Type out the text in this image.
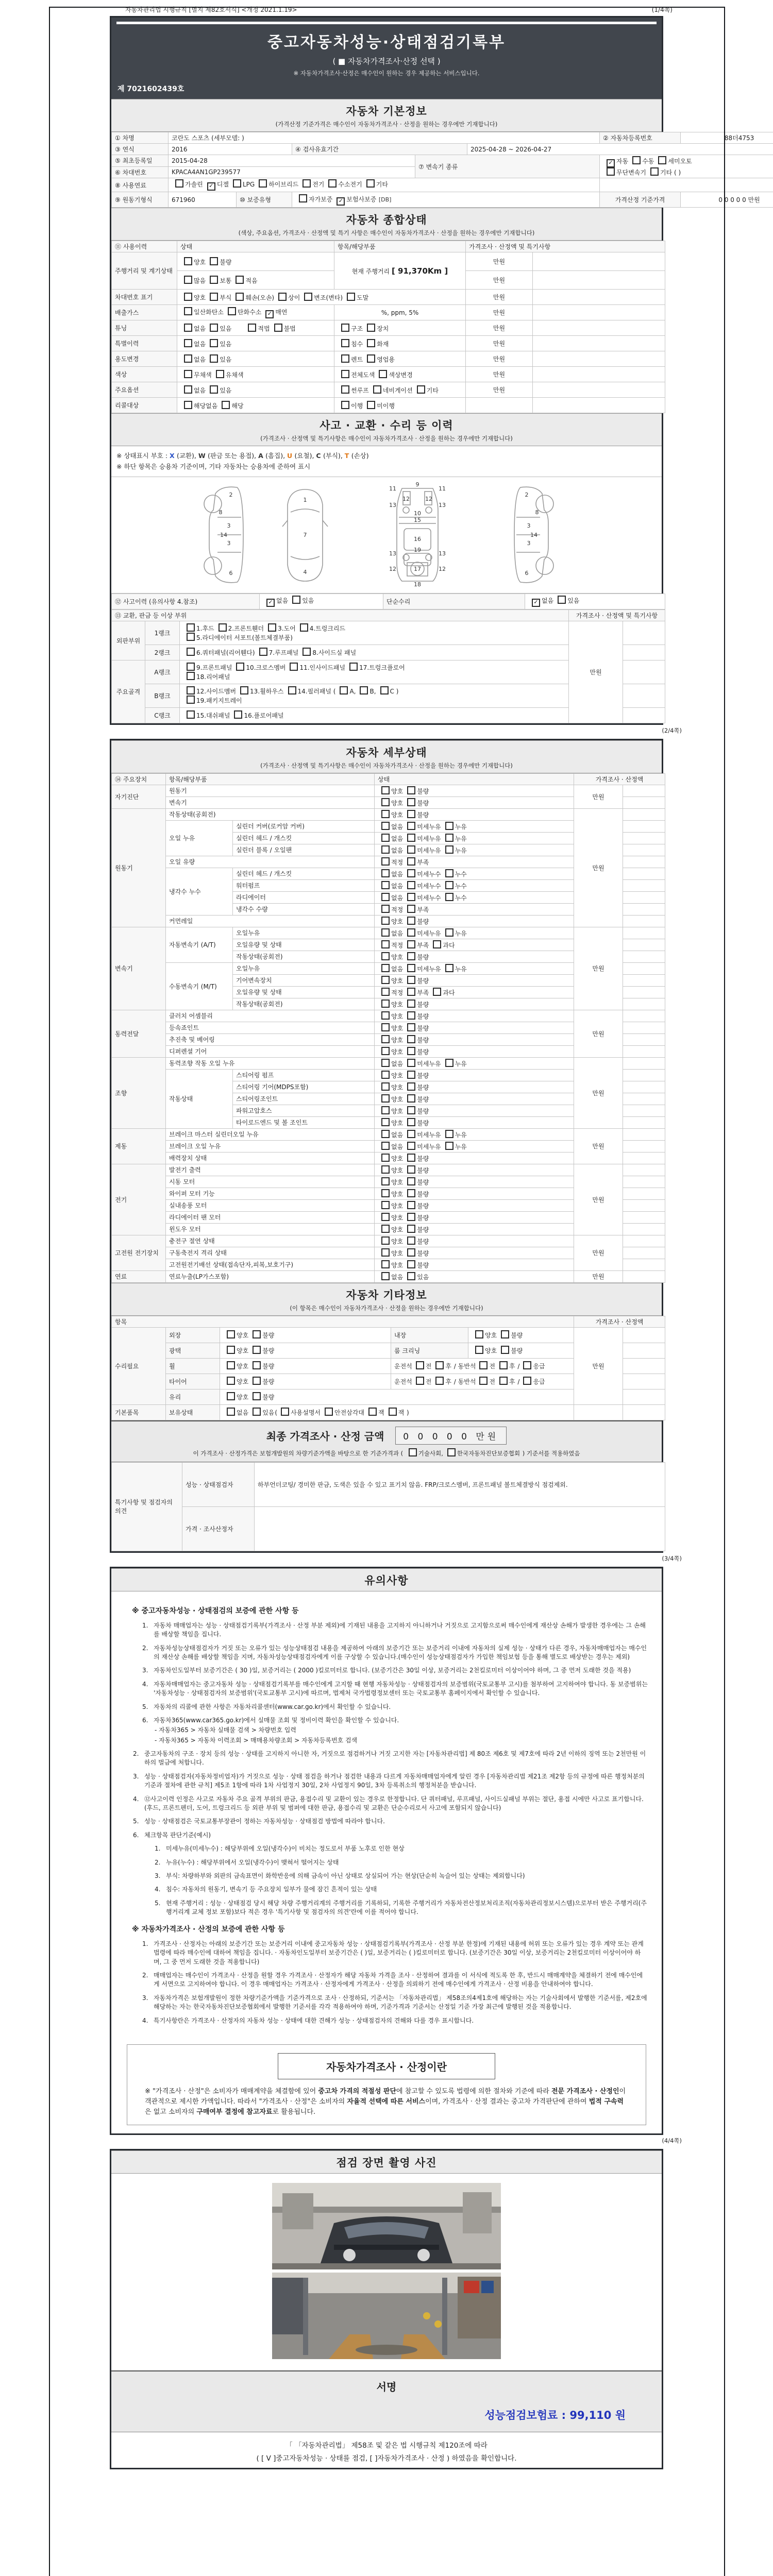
자동차관리법 시행규칙 [별지 제82호서식] <개정 2021.1.19>	(1/4쪽)
중고자동차성능·상태점검기록부
( ■ 자동차가격조사·산정 선택 )
※ 자동차가격조사·산정은 매수인이 원하는 경우 제공하는 서비스입니다.
제 7021602439호
자동차 기본정보
(가격산정 기준가격은 매수인이 자동차가격조사 · 산정을 원하는 경우에만 기재합니다)
① 차명	코란도 스포츠 (세부모델: )					② 자동차등록번호	88더4753
③ 연식	2016		④ 검사유효기간		2025-04-28 ~ 2026-04-27		
⑤ 최초등록일	2015-04-28			⑦ 변속기 종류		✓ 자동 수동 세미오토
무단변속기 기타 ( )	
⑥ 차대번호	KPACA4AN1GP239577						
⑧ 사용연료	가솔린 ✓ 디젤 LPG 하이브리드 전기 수소전기 기타						
⑨ 원동기형식	671960	⑩ 보증유형	자가보증 ✓ 보험사보증 [DB]			가격산정 기준가격	0 0 0 0 0 만원
자동차 종합상태
(색상, 주요옵션, 가격조사 · 산정액 및 특기 사항은 매수인이 자동차가격조사 · 산정을 원하는 경우에만 기재합니다)
⑪ 사용이력	상태	항목/해당부품	가격조사 · 산정액 및 특기사항	
주행거리 및 계기상태	양호 불량	현재 주행거리 [ 91,370Km ]	만원	
	많음 보통 적음		만원	
차대번호 표기	양호 부식 훼손(오손) 상이 변조(변타) 도말		만원	
배출가스	일산화탄소 탄화수소 ✓ 매연	%, ppm, 5%	만원	
튜닝	없음 있음   적법 불법	구조 장치	만원	
특별이력	없음 있음	침수 화재	만원	
용도변경	없음 있음	렌트 영업용	만원	
색상	무채색 유채색	전체도색 색상변경	만원	
주요옵션	없음 있음	썬루프 네비게이션 기타	만원	
리콜대상	해당없음 해당	이행 미이행		
사고 · 교환 · 수리 등 이력
(가격조사 · 산정액 및 특기사항은 매수인이 자동차가격조사 · 산정을 원하는 경우에만 기재합니다)
※ 상태표시 부호 : X (교환), W (판금 또는 용접), A (흠집), U (요철), C (부식), T (손상)
※ 하단 항목은 승용차 기준이며, 기타 자동차는 승용차에 준하여 표시
2
8
3
14
3
6
1
7
4
11	11
13
12	12
13
10
15
16
19
13	13
12	17	12
18
9
2
3
8
14
3
6
⑫ 사고이력 (유의사항 4.참조)	✓ 없음 있음	단순수리	✓ 없음 있음
⑬ 교환, 판금 등 이상 부위			가격조사 · 산정액 및 특기사항	
외판부위	1랭크	1.후드 2.프론트휀더 3.도어 4.트렁크리드
5.라디에이터 서포트(볼트체결부품)	만원	
	2랭크	6.쿼터패널(리어휀다) 7.루프패널 8.사이드실 패널		
주요골격	A랭크	9.프론트패널 10.크로스멤버 11.인사이드패널 17.트렁크플로어
18.리어패널		
	B랭크	12.사이드멤버 13.휠하우스 14.필러패널 ( A, B, C )
19.패키지트레이		
	C랭크	15.대쉬패널 16.플로어패널		
(2/4쪽)
자동차 세부상태
(가격조사 · 산정액 및 특기사항은 매수인이 자동차가격조사 · 산정을 원하는 경우에만 기재합니다)
⑭ 주요장치	항목/해당부품		상태	가격조사 · 산정액	
자기진단	원동기		양호 불량	만원	
	변속기		양호 불량		
원동기	작동상태(공회전)		양호 불량	만원	
	오일 누유	실린더 커버(로커암 커버)	없음 미세누유 누유		
		실린더 헤드 / 개스킷	없음 미세누유 누유		
		실린더 블록 / 오일팬	없음 미세누유 누유		
	오일 유량		적정 부족		
	냉각수 누수	실린더 헤드 / 개스킷	없음 미세누수 누수		
		워터펌프	없음 미세누수 누수		
		라디에이터	없음 미세누수 누수		
		냉각수 수량	적정 부족		
	커먼레일		양호 불량		
변속기	자동변속기 (A/T)	오일누유	없음 미세누유 누유	만원	
		오일유량 및 상태	적정 부족 과다		
		작동상태(공회전)	양호 불량		
	수동변속기 (M/T)	오일누유	없음 미세누유 누유		
		기어변속장치	양호 불량		
		오일유량 및 상태	적정 부족 과다		
		작동상태(공회전)	양호 불량		
동력전달	클러치 어셈블리		양호 불량	만원	
	등속죠인트		양호 불량		
	추진축 및 베어링		양호 불량		
	디퍼렌셜 기어		양호 불량		
조향	동력조향 작동 오일 누유		없음 미세누유 누유	만원	
	작동상태	스티어링 펌프	양호 불량		
		스티어링 기어(MDPS포함)	양호 불량		
		스티어링조인트	양호 불량		
		파워고압호스	양호 불량		
		타이로드엔드 및 볼 조인트	양호 불량		
제동	브레이크 마스터 실린더오일 누유		없음 미세누유 누유	만원	
	브레이크 오일 누유		없음 미세누유 누유		
	배력장치 상태		양호 불량		
전기	발전기 출력		양호 불량	만원	
	시동 모터		양호 불량		
	와이퍼 모터 기능		양호 불량		
	실내송풍 모터		양호 불량		
	라디에이터 팬 모터		양호 불량		
	윈도우 모터		양호 불량		
고전원 전기장치	충전구 절연 상태		양호 불량	만원	
	구동축전지 격리 상태		양호 불량		
	고전원전기배선 상태(접속단자,피복,보호기구)		양호 불량		
연료	연료누출(LP가스포함)		없음 있음	만원	
자동차 기타정보
(이 항목은 매수인이 자동차가격조사 · 산정을 원하는 경우에만 기재합니다)
항목					가격조사 · 산정액	
수리필요	외장	양호 불량	내장	양호 불량	만원	
	광택	양호 불량	룸 크리닝	양호 불량		
	휠	양호 불량	운전석 전 후 / 동반석 전 후 / 응급			
	타이어	양호 불량	운전석 전 후 / 동반석 전 후 / 응급			
	유리	양호 불량				
기본품목	보유상태	없음 있음( 사용설명서 안전삼각대 잭 잭 )				
최종 가격조사 · 산정 금액 0 0 0 0 0 만원
이 가격조사 · 산정가격은 보험개발원의 차량기준가액을 바탕으로 한 기준가격과 ( 기술사회, 한국자동차진단보증협회 ) 기준서를 적용하였음
특기사항 및 점검자의 의견	성능 · 상태점검자	하부언더코팅/ 경미한 판금, 도색은 있을 수 있고 표기치 않음. FRP/크로스멤버, 프론트패널 볼트체결방식 점검제외.
	가격 · 조사산정자	
(3/4쪽)
유의사항
※ 중고자동차성능 · 상태점검의 보증에 관한 사항 등
1. 자동차 매매업자는 성능 · 상태점검기록부(가격조사 · 산정 부분 제외)에 기재된 내용을 고지하지 아니하거나 거짓으로 고지함으로써 매수인에게 재산상 손해가 발생한 경우에는 그 손해를 배상할 책임을 집니다.
2. 자동차성능상태점검자가 거짓 또는 오류가 있는 성능상태점검 내용을 제공하여 아래의 보증기간 또는 보증거리 이내에 자동차의 실제 성능 · 상태가 다른 경우, 자동차매매업자는 매수인의 재산상 손해를 배상할 책임을 지며, 자동차성능상태점검자에게 이를 구상할 수 있습니다.(매수인이 성능상태점검자가 가입한 책임보험 등을 통해 별도로 배상받는 경우는 제외)
3. 자동차인도일부터 보증기간은 ( 30 )일, 보증거리는 ( 2000 )킬로미터로 합니다. (보증기간은 30일 이상, 보증거리는 2천킬로미터 이상이어야 하며, 그 중 먼저 도래한 것을 적용)
4. 자동차매매업자는 중고자동차 성능 · 상태점검기록부를 매수인에게 고지할 때 현행 자동차성능 · 상태점검자의 보증범위(국토교통부 고시)를 첨부하여 고지하여야 합니다. 동 보증범위는 '자동차성능 · 상태점검자의 보증범위'(국토교통부 고시)에 따르며, 법제처 국가법령정보센터 또는 국토교통부 홈페이지에서 확인할 수 있습니다.
5. 자동차의 리콜에 관한 사항은 자동차리콜센터(www.car.go.kr)에서 확인할 수 있습니다.
6. 자동차365(www.car365.go.kr)에서 실매물 조회 및 정비이력 확인을 확인할 수 있습니다.
- 자동차365 > 자동차 실매물 검색 > 차량번호 입력
- 자동차365 > 자동차 이력조회 > 매매용차량조회 > 자동차등록번호 검색
2. 중고자동차의 구조 · 장치 등의 성능 · 상태를 고지하지 아니한 자, 거짓으로 점검하거나 거짓 고지한 자는 [자동차관리법] 제 80조 제6호 및 제7호에 따라 2년 이하의 징역 또는 2천만원 이하의 벌금에 처합니다.
3. 성능 · 상태점검자(자동차정비업자)가 거짓으로 성능 · 상태 점검을 하거나 점검한 내용과 다르게 자동차매매업자에게 알린 경우 [자동차관리법 제21조 제2항 등의 규정에 따른 행정처분의 기준과 절차에 관한 규칙] 제5조 1항에 따라 1차 사업정지 30일, 2차 사업정지 90일, 3차 등록취소의 행정처분을 받습니다.
4. ⑫사고이력 인정은 사고로 자동차 주요 골격 부위의 판금, 용접수리 및 교환이 있는 경우로 한정합니다. 단 쿼터패널, 루프패널, 사이드실패널 부위는 절단, 용접 시에만 사고로 표기합니다. (후드, 프론트펜더, 도어, 트렁크리드 등 외판 부위 및 범퍼에 대한 판금, 용접수리 및 교환은 단순수리로서 사고에 포함되지 않습니다)
5. 성능 · 상태점검은 국토교통부장관이 정하는 자동차성능 · 상태점검 방법에 따라야 합니다.
6. 체크항목 판단기준(예시)
1. 미세누유(미세누수) : 해당부위에 오일(냉각수)이 비치는 정도로서 부품 노후로 인한 현상
2. 누유(누수) : 해당부위에서 오일(냉각수)이 맺혀서 떨어지는 상태
3. 부식: 차량하부와 외판의 금속표면이 화학반응에 의해 금속이 아닌 상태로 상실되어 가는 현상(단순히 녹슬어 있는 상태는 제외합니다)
4. 침수: 자동차의 원동기, 변속기 등 주요장치 일부가 물에 잠긴 흔적이 있는 상태
5. 현재 주행거리 : 성능 · 상태점검 당시 해당 차량 주행거리계의 주행거리를 기록하되, 기록한 주행거리가 자동차전산정보처리조직(자동차관리정보시스템)으로부터 받은 주행거리(주행거리계 교체 정보 포함)보다 적은 경우 '특기사항 및 점검자의 의견'란에 이를 적어야 합니다.
※ 자동차가격조사 · 산정의 보증에 관한 사항 등
1. 가격조사 · 산정자는 아래의 보증기간 또는 보증거리 이내에 중고자동차 성능 · 상태점검기록부(가격조사 · 산정 부분 한정)에 기재된 내용에 허위 또는 오류가 있는 경우 계약 또는 관계법령에 따라 매수인에 대하여 책임을 집니다. · 자동차인도일부터 보증기간은 ( )일, 보증거리는 ( )킬로미터로 합니다. (보증기간은 30일 이상, 보증거리는 2천킬로미터 이상이어야 하며, 그 중 먼저 도래한 것을 적용합니다)
2. 매매업자는 매수인이 가격조사 · 산정을 원할 경우 가격조사 · 산정자가 해당 자동차 가격을 조사 · 산정하여 결과를 이 서식에 적도록 한 후, 반드시 매매계약을 체결하기 전에 매수인에게 서면으로 고지하여야 합니다. 이 경우 매매업자는 가격조사 · 산정자에게 가격조사 · 산정을 의뢰하기 전에 매수인에게 가격조사 · 산정 비용을 안내하여야 합니다.
3. 자동차가격은 보험개발원이 정한 차량기준가액을 기준가격으로 조사 · 산정하되, 기준서는 「자동차관리법」 제58조의4제1호에 해당하는 자는 기술사회에서 발행한 기준서를, 제2호에 해당하는 자는 한국자동차진단보증협회에서 발행한 기준서를 각각 적용하여야 하며, 기준가격과 기준서는 산정일 기준 가장 최근에 발행된 것을 적용합니다.
4. 특기사항란은 가격조사 · 산정자의 자동차 성능 · 상태에 대한 견해가 성능 · 상태점검자의 견해와 다를 경우 표시합니다.
자동차가격조사 · 산정이란
※ "가격조사 · 산정"은 소비자가 매매계약을 체결함에 있어 중고차 가격의 적절성 판단에 참고할 수 있도록 법령에 의한 절차와 기준에 따라 전문 가격조사 · 산정인이 객관적으로 제시한 가액입니다. 따라서 "가격조사 · 산정"은 소비자의 자율적 선택에 따른 서비스이며, 가격조사 · 산정 결과는 중고차 가격판단에 관하여 법적 구속력은 없고 소비자의 구매여부 결정에 참고자료로 활용됩니다.
(4/4쪽)
점검 장면 촬영 사진
서명
성능점검보험료 : 99,110 원
「 「자동차관리법」 제58조 및 같은 법 시행규칙 제120조에 따라
( [ V ]중고자동차성능 · 상태를 점검, [ ]자동차가격조사 · 산정 ) 하였음을 확인합니다.
